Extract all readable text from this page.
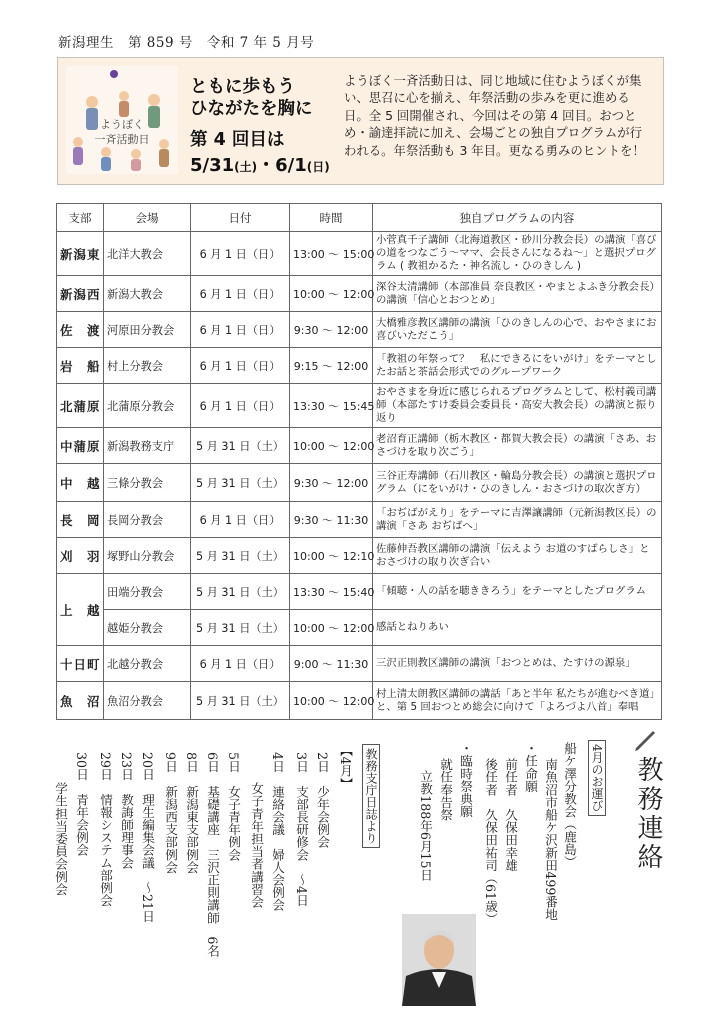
新潟理生　第 859 号　令和 7 年 5 月号
ようぼく
一斉活動日
ともに歩もう
ひながたを胸に
第 4 回目は
5/31(土)・6/1(日)
ようぼく一斉活動日は、同じ地域に住むようぼくが集い、思召に心を揃え、年祭活動の歩みを更に進める日。全 5 回開催され、今回はその第 4 回目。おつとめ・諭達拝読に加え、会場ごとの独自プログラムが行われる。年祭活動も 3 年目。更なる勇みのヒントを！
支部	会場	日付	時間	独自プログラムの内容
新潟東	北洋大教会	6 月 1 日（日）	13:00 ～ 15:00	小菅真千子講師（北海道教区・砂川分教会長）の講演「喜びの道をつなごう～ママ、会長さんになるね～」と選択プログラム ( 教祖かるた・神名流し・ひのきしん )
新潟西	新潟大教会	6 月 1 日（日）	10:00 ～ 12:00	深谷太清講師（本部准員 奈良教区・やまとよふき分教会長）の講演「信心とおつとめ」
佐　渡	河原田分教会	6 月 1 日（日）	9:30 ～ 12:00	大橋雅彦教区講師の講演「ひのきしんの心で、おやさまにお喜びいただこう」
岩　船	村上分教会	6 月 1 日（日）	9:15 ～ 12:00	「教祖の年祭って？　私にできるにをいがけ」をテーマとしたお話と茶話会形式でのグループワーク
北蒲原	北蒲原分教会	6 月 1 日（日）	13:30 ～ 15:45	おやさまを身近に感じられるプログラムとして、松村義司講師（本部たすけ委員会委員長・高安大教会長）の講演と振り返り
中蒲原	新潟教務支庁	5 月 31 日（土）	10:00 ～ 12:00	老沼育正講師（栃木教区・都賀大教会長）の講演「さあ、おさづけを取り次ごう」
中　越	三條分教会	5 月 31 日（土）	9:30 ～ 12:00	三谷正寿講師（石川教区・輪島分教会長）の講演と選択プログラム（にをいがけ・ひのきしん・おさづけの取次ぎ方）
長　岡	長岡分教会	6 月 1 日（日）	9:30 ～ 11:30	「おぢばがえり」をテーマに吉澤讓講師（元新潟教区長）の講演「さあ おぢばへ」
刈　羽	塚野山分教会	5 月 31 日（土）	10:00 ～ 12:10	佐藤伸吾教区講師の講演「伝えよう お道のすばらしさ」とおさづけの取り次ぎ合い
上　越	田端分教会	5 月 31 日（土）	13:30 ～ 15:40	「傾聴・人の話を聴ききろう」をテーマとしたプログラム
	越姫分教会	5 月 31 日（土）	10:00 ～ 12:00	感話とねりあい
十日町	北越分教会	6 月 1 日（日）	9:00 ～ 11:30	三沢正則教区講師の講演「おつとめは、たすけの源泉」
魚　沼	魚沼分教会	5 月 31 日（土）	10:00 ～ 12:00	村上清太朗教区講師の講話「あと半年 私たちが進むべき道」と、第 5 回おつとめ総会に向けて「よろづよ八首」奉唱
教務連絡
4月のお運び
船ケ澤分教会（鹿島）
南魚沼市船ケ沢新田499番地
・任命願
前任者　久保田幸雄
後任者　久保田祐司（61歳）
・臨時祭典願
就任奉告祭
立教188年6月15日
教務支庁日誌より
【4月】
2日　少年会例会
3日　支部長研修会　～4日
4日　連絡会議　婦人会例会
女子青年担当者講習会
5日　女子青年例会
6日　基礎講座　三沢正則講師　6名
8日　新潟東支部例会
9日　新潟西支部例会
20日　理生編集会議　～21日
23日　教誨師理事会
29日　情報システム部例会
30日　青年会例会
学生担当委員会例会
